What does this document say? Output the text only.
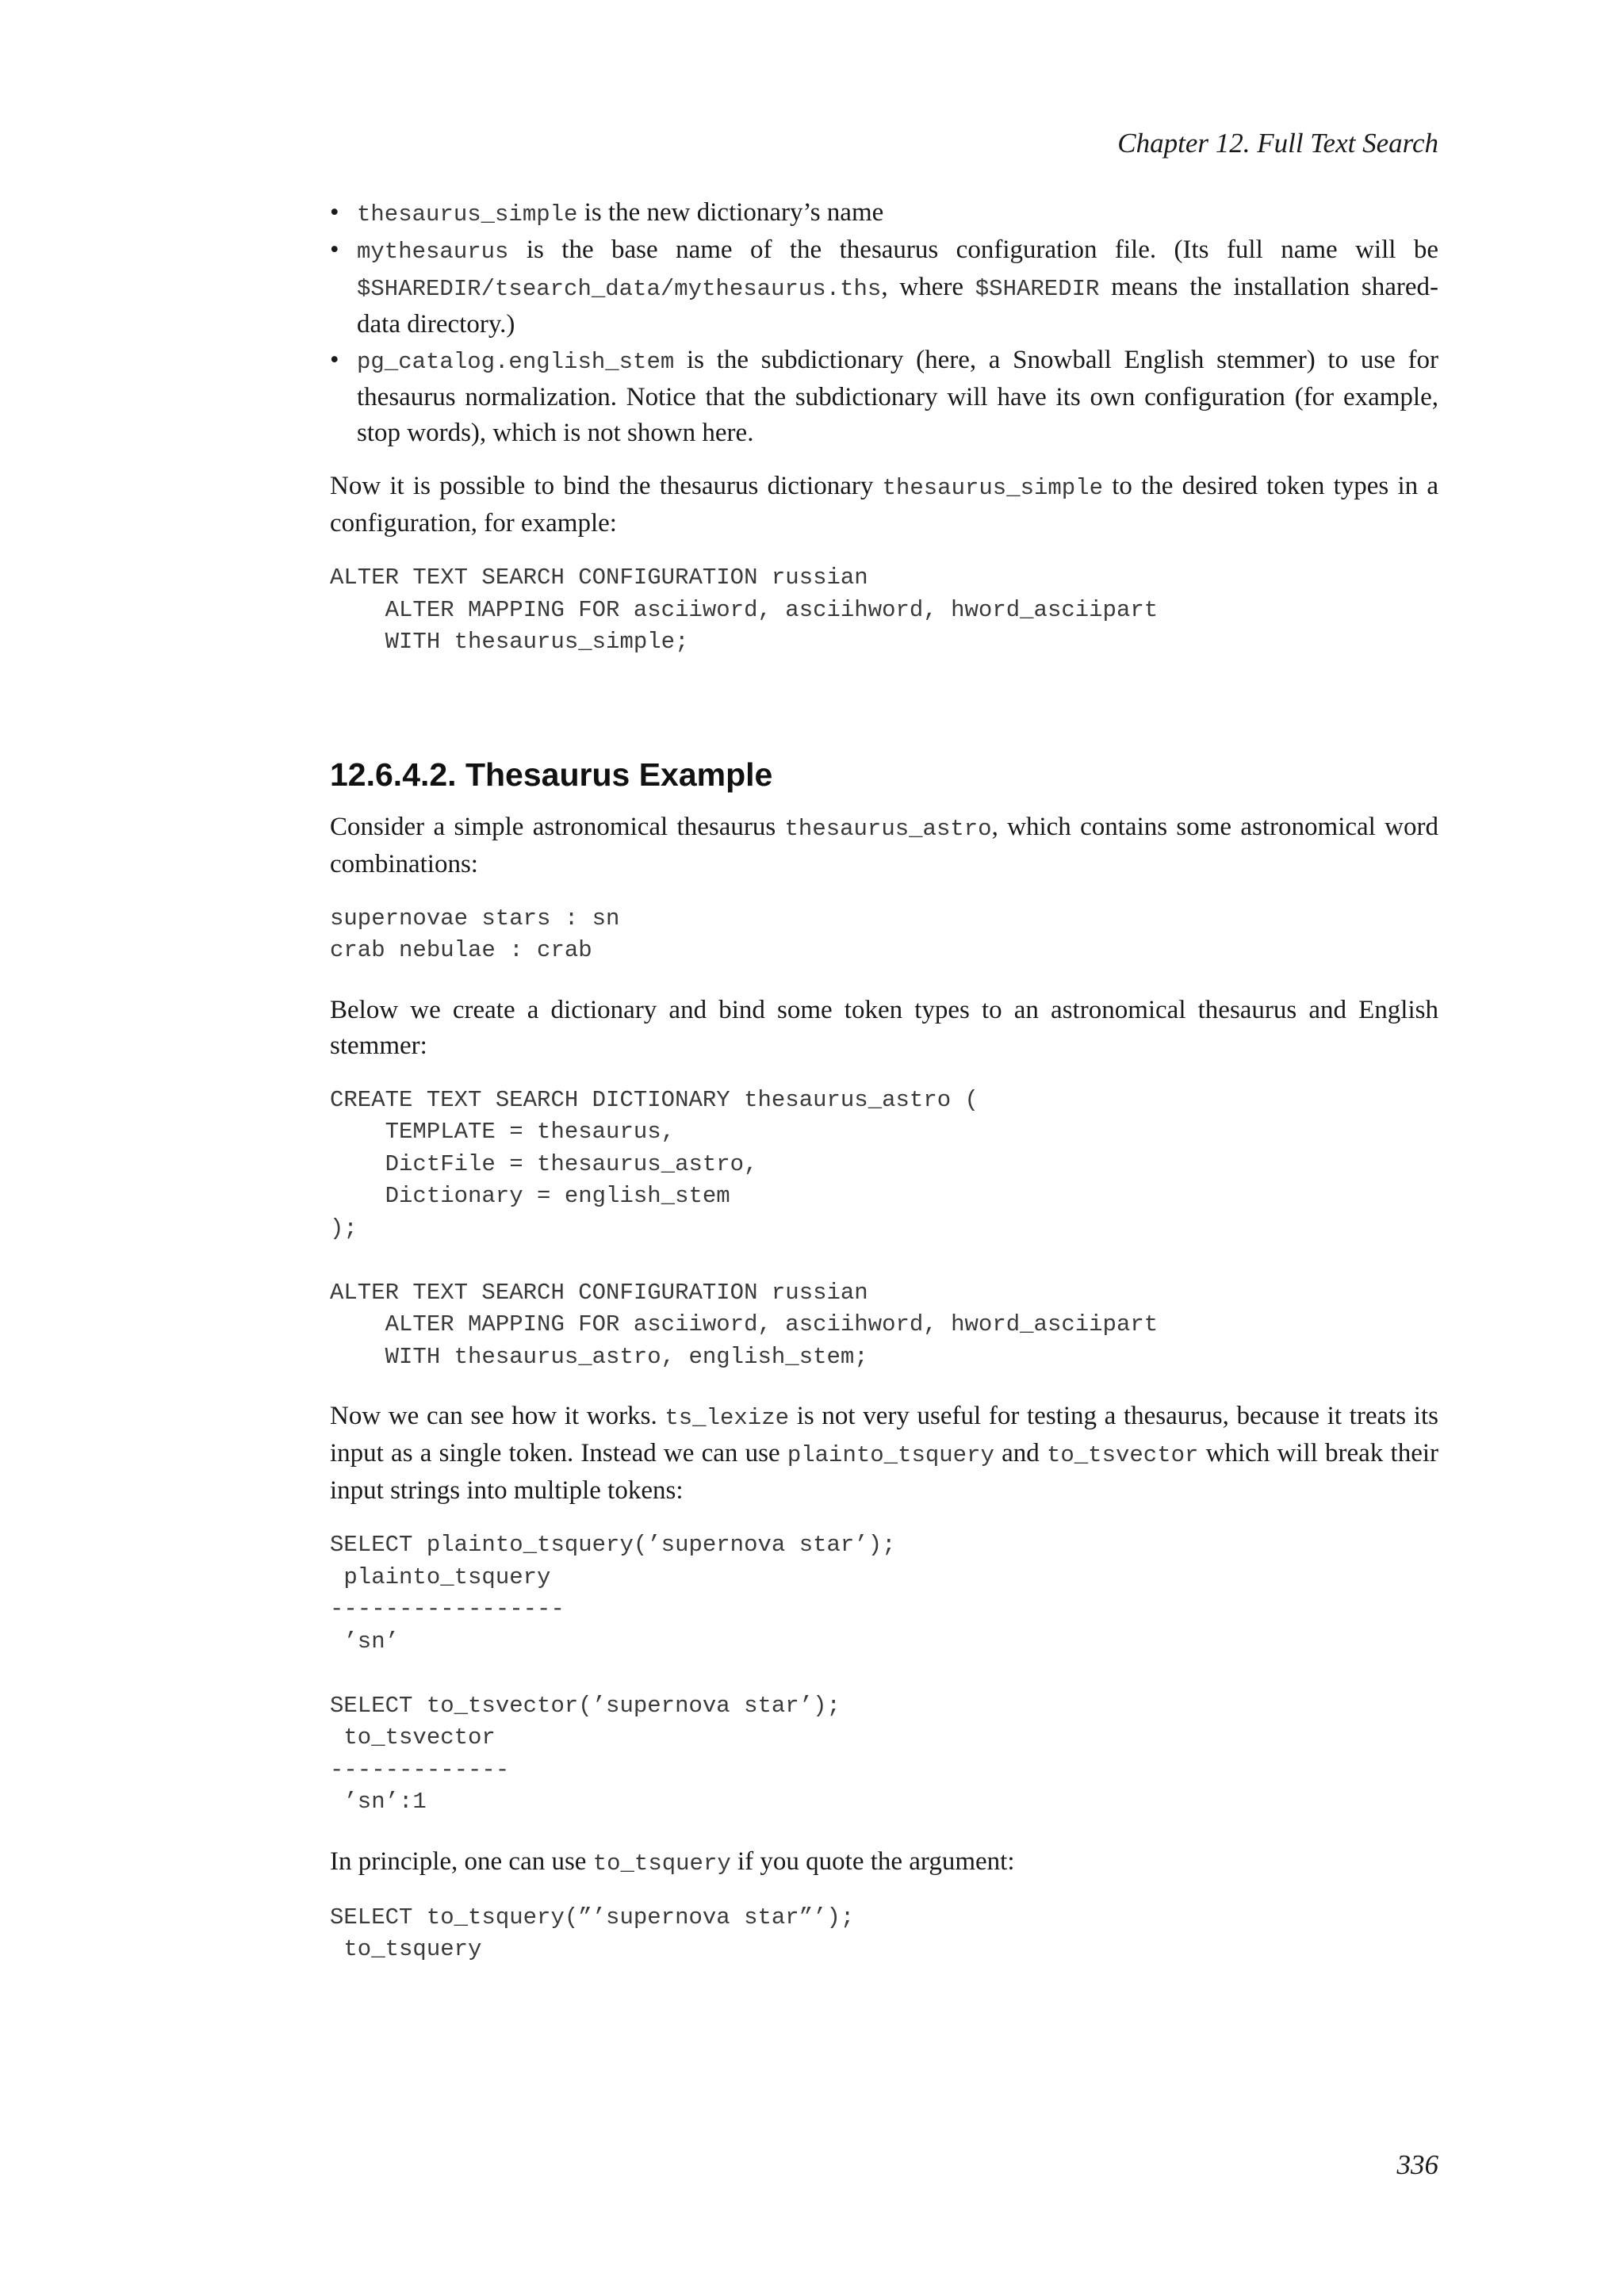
Chapter 12. Full Text Search
• thesaurus_simple is the new dictionary’s name
• mythesaurus is the base name of the thesaurus configuration file. (Its full name will be $SHAREDIR/tsearch_data/mythesaurus.ths, where $SHAREDIR means the installation shared-data directory.)
• pg_catalog.english_stem is the subdictionary (here, a Snowball English stemmer) to use for thesaurus normalization. Notice that the subdictionary will have its own configuration (for example, stop words), which is not shown here.

Now it is possible to bind the thesaurus dictionary thesaurus_simple to the desired token types in a configuration, for example:

ALTER TEXT SEARCH CONFIGURATION russian
ALTER MAPPING FOR asciiword, asciihword, hword_asciipart
WITH thesaurus_simple;
12.6.4.2. Thesaurus Example

Consider a simple astronomical thesaurus thesaurus_astro, which contains some astronomical word combinations:

supernovae stars : sn
crab nebulae : crab

Below we create a dictionary and bind some token types to an astronomical thesaurus and English stemmer:

CREATE TEXT SEARCH DICTIONARY thesaurus_astro (
TEMPLATE = thesaurus,
DictFile = thesaurus_astro,
Dictionary = english_stem
);

ALTER TEXT SEARCH CONFIGURATION russian
ALTER MAPPING FOR asciiword, asciihword, hword_asciipart
WITH thesaurus_astro, english_stem;

Now we can see how it works. ts_lexize is not very useful for testing a thesaurus, because it treats its input as a single token. Instead we can use plainto_tsquery and to_tsvector which will break their input strings into multiple tokens:

SELECT plainto_tsquery(’supernova star’);
plainto_tsquery
-----------------
’sn’

SELECT to_tsvector(’supernova star’);
to_tsvector
-------------
’sn’:1

In principle, one can use to_tsquery if you quote the argument:

SELECT to_tsquery(”’supernova star”’);
to_tsquery
336
